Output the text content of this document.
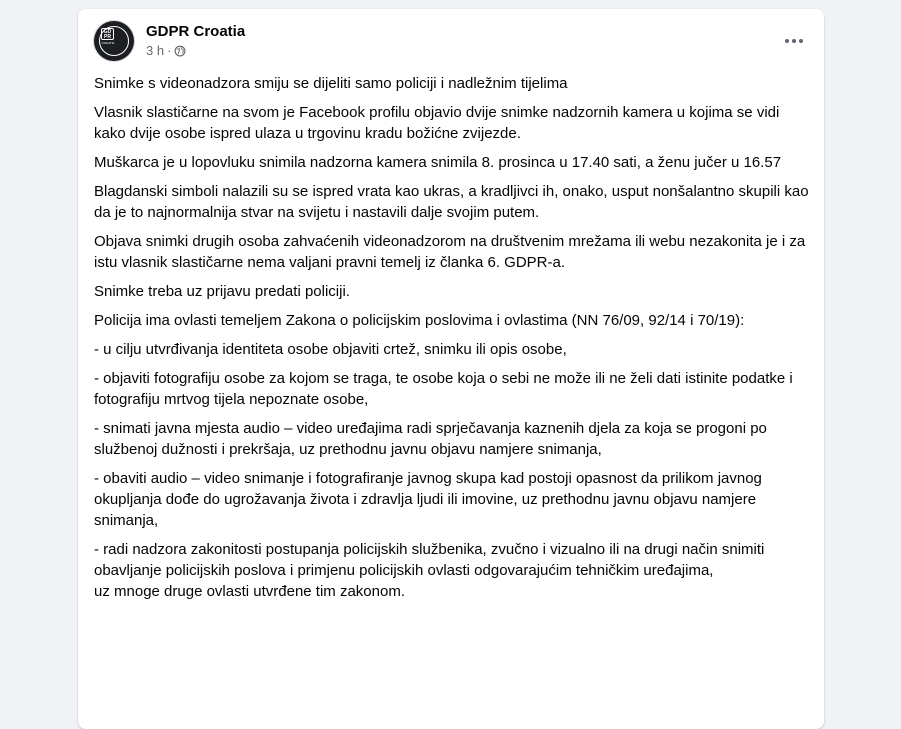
GD PR
CROATIA
GDPR Croatia
3 h ·

Snimke s videonadzora smiju se dijeliti samo policiji i nadležnim tijelima

Vlasnik slastičarne na svom je Facebook profilu objavio dvije snimke nadzornih kamera u kojima se vidi kako dvije osobe ispred ulaza u trgovinu kradu božićne zvijezde.

Muškarca je u lopovluku snimila nadzorna kamera snimila 8. prosinca u 17.40 sati, a ženu jučer u 16.57

Blagdanski simboli nalazili su se ispred vrata kao ukras, a kradljivci ih, onako, usput nonšalantno skupili kao da je to najnormalnija stvar na svijetu i nastavili dalje svojim putem.

Objava snimki drugih osoba zahvaćenih videonadzorom na društvenim mrežama ili webu nezakonita je i za istu vlasnik slastičarne nema valjani pravni temelj iz članka 6. GDPR-a.

Snimke treba uz prijavu predati policiji.

Policija ima ovlasti temeljem Zakona o policijskim poslovima i ovlastima (NN 76/09, 92/14 i 70/19):

- u cilju utvrđivanja identiteta osobe objaviti crtež, snimku ili opis osobe,

- objaviti fotografiju osobe za kojom se traga, te osobe koja o sebi ne može ili ne želi dati istinite podatke i fotografiju mrtvog tijela nepoznate osobe,

- snimati javna mjesta audio – video uređajima radi sprječavanja kaznenih djela za koja se progoni po službenoj dužnosti i prekršaja, uz prethodnu javnu objavu namjere snimanja,

- obaviti audio – video snimanje i fotografiranje javnog skupa kad postoji opasnost da prilikom javnog okupljanja dođe do ugrožavanja života i zdravlja ljudi ili imovine, uz prethodnu javnu objavu namjere snimanja,

- radi nadzora zakonitosti postupanja policijskih službenika, zvučno i vizualno ili na drugi način snimiti obavljanje policijskih poslova i primjenu policijskih ovlasti odgovarajućim tehničkim uređajima,

uz mnoge druge ovlasti utvrđene tim zakonom.
